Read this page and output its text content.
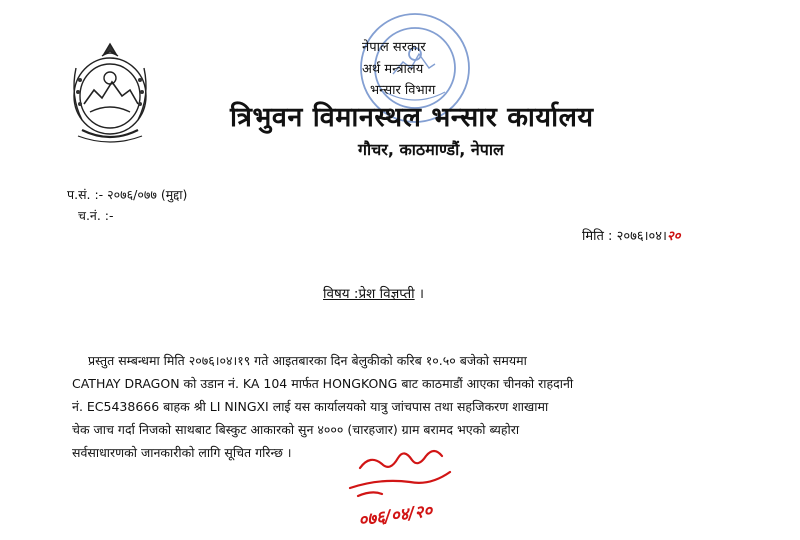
नेपाल सरकार
अर्थ मन्त्रालय
भन्सार विभाग
त्रिभुवन विमानस्थल भन्सार कार्यालय
गौचर, काठमाण्डौं, नेपाल
प.सं. :- २०७६/०७७ (मुद्दा)
च.नं. :-
मिति : २०७६।०४।२०
विषय :प्रेश विज्ञप्ती ।
प्रस्तुत सम्बन्धमा मिति २०७६।०४।१९ गते आइतबारका दिन बेलुकीको करिब १०.५० बजेको समयमा
CATHAY DRAGON को उडान नं. KA 104 मार्फत HONGKONG बाट काठमाडौं आएका चीनको राहदानी
नं. EC5438666 बाहक श्री LI NINGXI लाई यस कार्यालयको यात्रु जांचपास तथा सहजिकरण शाखामा
चेक जाच गर्दा निजको साथबाट बिस्कुट आकारको सुन ४००० (चारहजार) ग्राम बरामद भएको ब्यहोरा
सर्वसाधारणको जानकारीको लागि सूचित गरिन्छ ।
०७६/०४/२०
